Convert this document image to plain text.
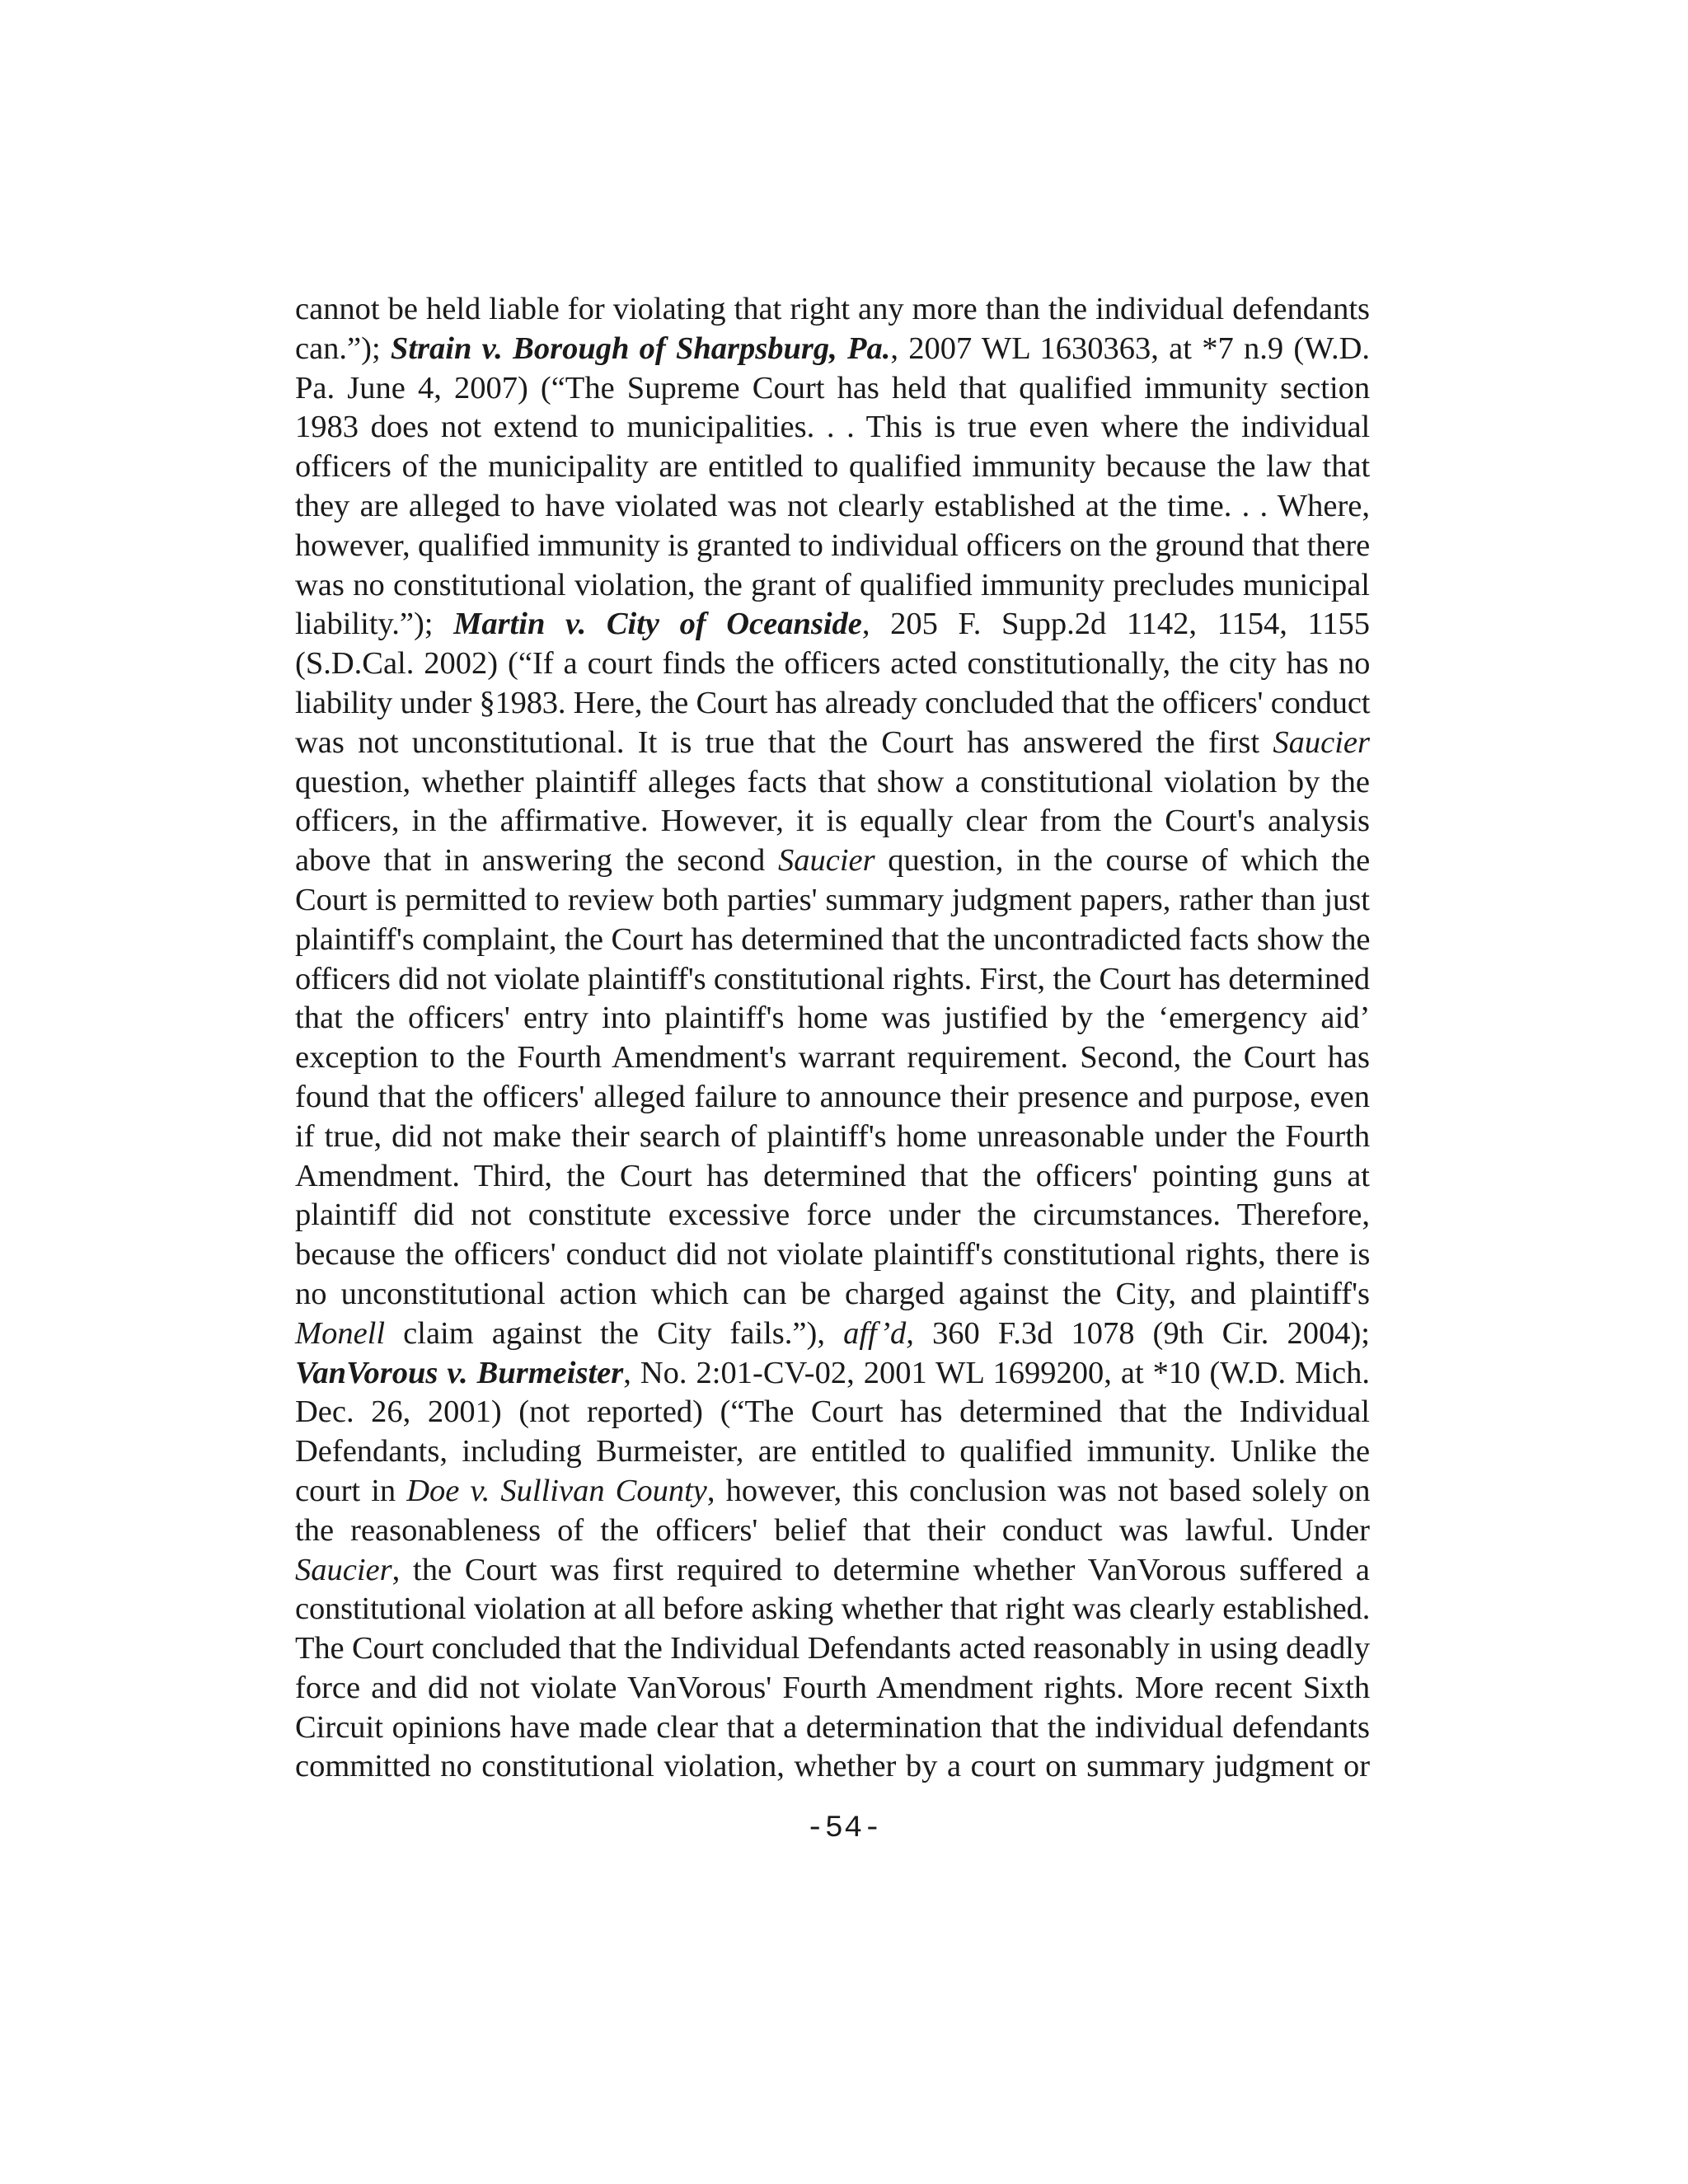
cannot be held liable for violating that right any more than the individual defendants
can.”); Strain v. Borough of Sharpsburg, Pa., 2007 WL 1630363, at *7 n.9 (W.D.
Pa. June 4, 2007) (“The Supreme Court has held that qualified immunity section
1983 does not extend to municipalities. . . This is true even where the individual
officers of the municipality are entitled to qualified immunity because the law that
they are alleged to have violated was not clearly established at the time. . . Where,
however, qualified immunity is granted to individual officers on the ground that there
was no constitutional violation, the grant of qualified immunity precludes municipal
liability.”); Martin v. City of Oceanside, 205 F. Supp.2d 1142, 1154, 1155
(S.D.Cal. 2002) (“If a court finds the officers acted constitutionally, the city has no
liability under §1983. Here, the Court has already concluded that the officers' conduct
was not unconstitutional. It is true that the Court has answered the first Saucier
question, whether plaintiff alleges facts that show a constitutional violation by the
officers, in the affirmative. However, it is equally clear from the Court's analysis
above that in answering the second Saucier question, in the course of which the
Court is permitted to review both parties' summary judgment papers, rather than just
plaintiff's complaint, the Court has determined that the uncontradicted facts show the
officers did not violate plaintiff's constitutional rights. First, the Court has determined
that the officers' entry into plaintiff's home was justified by the ‘emergency aid’
exception to the Fourth Amendment's warrant requirement. Second, the Court has
found that the officers' alleged failure to announce their presence and purpose, even
if true, did not make their search of plaintiff's home unreasonable under the Fourth
Amendment. Third, the Court has determined that the officers' pointing guns at
plaintiff did not constitute excessive force under the circumstances. Therefore,
because the officers' conduct did not violate plaintiff's constitutional rights, there is
no unconstitutional action which can be charged against the City, and plaintiff's
Monell claim against the City fails.”), aff’d, 360 F.3d 1078 (9th Cir. 2004);
VanVorous v. Burmeister, No. 2:01-CV-02, 2001 WL 1699200, at *10 (W.D. Mich.
Dec. 26, 2001) (not reported) (“The Court has determined that the Individual
Defendants, including Burmeister, are entitled to qualified immunity. Unlike the
court in Doe v. Sullivan County, however, this conclusion was not based solely on
the reasonableness of the officers' belief that their conduct was lawful. Under
Saucier, the Court was first required to determine whether VanVorous suffered a
constitutional violation at all before asking whether that right was clearly established.
The Court concluded that the Individual Defendants acted reasonably in using deadly
force and did not violate VanVorous' Fourth Amendment rights. More recent Sixth
Circuit opinions have made clear that a determination that the individual defendants
committed no constitutional violation, whether by a court on summary judgment or
-54-
